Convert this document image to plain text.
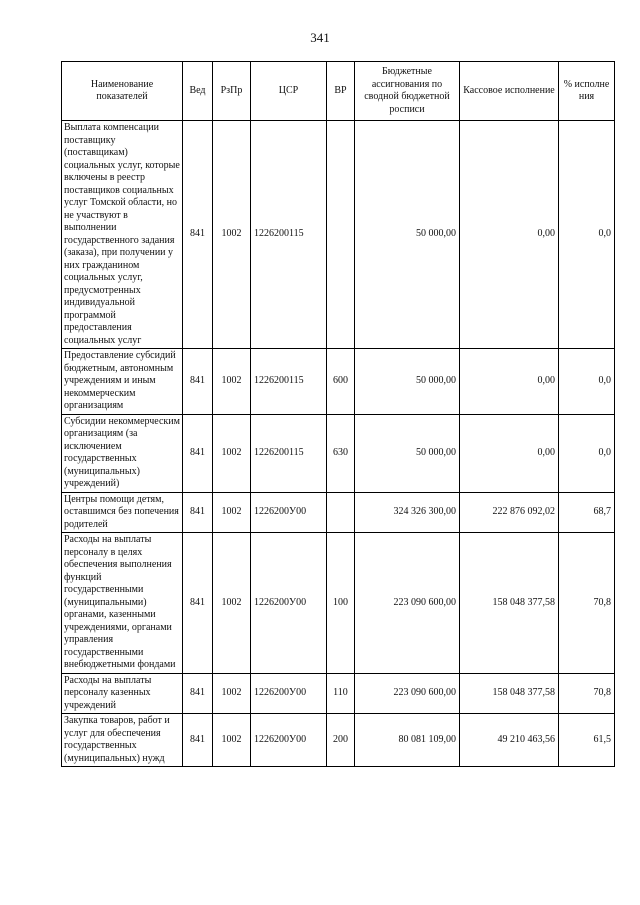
341
Наименование показателей	Вед	РзПр	ЦСР	ВР	Бюджетные ассигнования по сводной бюджетной росписи	Кассовое исполнение	% исполне ния
Выплата компенсации поставщику (поставщикам) социальных услуг, которые включены в реестр поставщиков социальных услуг Томской области, но не участвуют в выполнении государственного задания (заказа), при получении у них гражданином социальных услуг, предусмотренных индивидуальной программой предоставления социальных услуг	841	1002	1226200115		50 000,00	0,00	0,0
Предоставление субсидий бюджетным, автономным учреждениям и иным некоммерческим организациям	841	1002	1226200115	600	50 000,00	0,00	0,0
Субсидии некоммерческим организациям (за исключением государственных (муниципальных) учреждений)	841	1002	1226200115	630	50 000,00	0,00	0,0
Центры помощи детям, оставшимся без попечения родителей	841	1002	1226200У00		324 326 300,00	222 876 092,02	68,7
Расходы на выплаты персоналу в целях обеспечения выполнения функций государственными (муниципальными) органами, казенными учреждениями, органами управления государственными внебюджетными фондами	841	1002	1226200У00	100	223 090 600,00	158 048 377,58	70,8
Расходы на выплаты персоналу казенных учреждений	841	1002	1226200У00	110	223 090 600,00	158 048 377,58	70,8
Закупка товаров, работ и услуг для обеспечения государственных (муниципальных) нужд	841	1002	1226200У00	200	80 081 109,00	49 210 463,56	61,5
